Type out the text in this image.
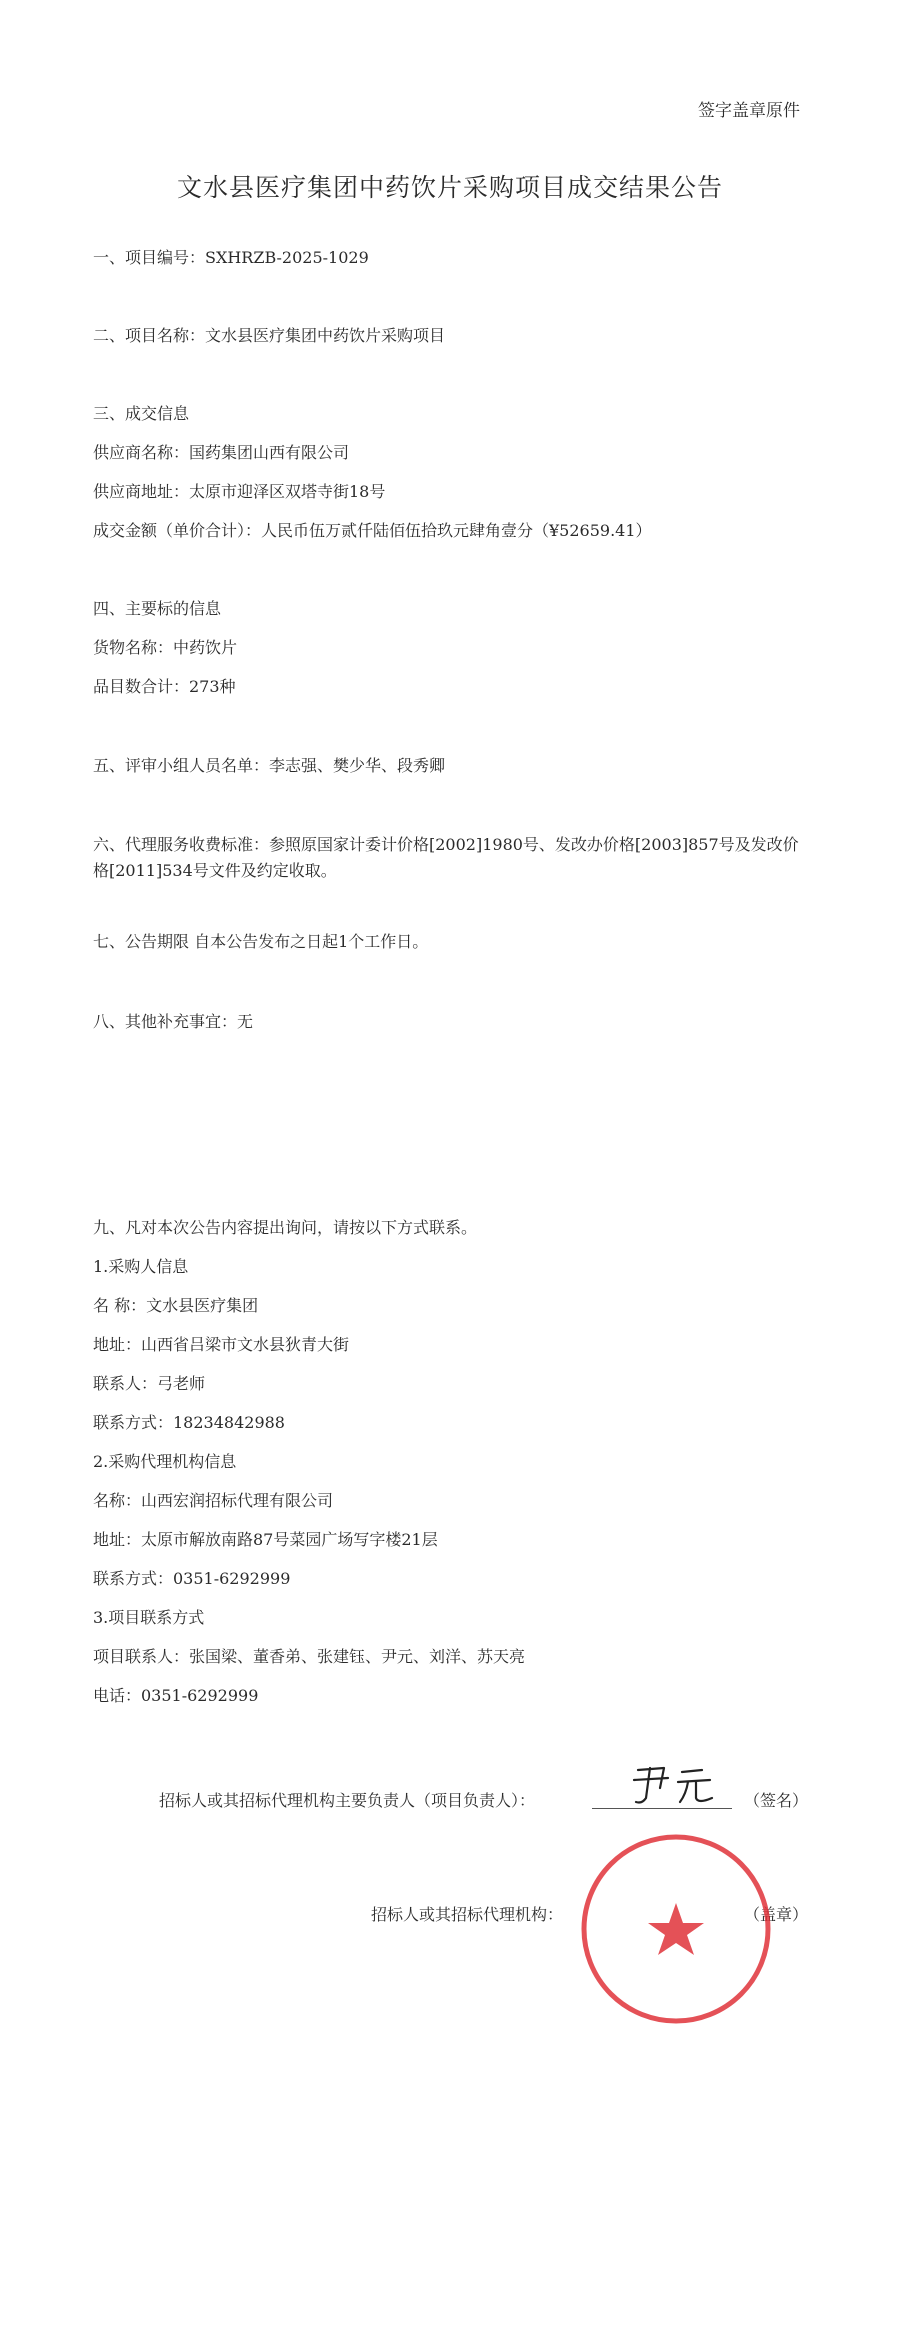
签字盖章原件
文水县医疗集团中药饮片采购项目成交结果公告
一、项目编号：SXHRZB-2025-1029
二、项目名称：文水县医疗集团中药饮片采购项目
三、成交信息
供应商名称：国药集团山西有限公司
供应商地址：太原市迎泽区双塔寺街18号
成交金额（单价合计）：人民币伍万贰仟陆佰伍拾玖元肆角壹分（¥52659.41）
四、主要标的信息
货物名称：中药饮片
品目数合计：273种
五、评审小组人员名单：李志强、樊少华、段秀卿
六、代理服务收费标准：参照原国家计委计价格[2002]1980号、发改办价格[2003]857号及发改价格[2011]534号文件及约定收取。
七、公告期限 自本公告发布之日起1个工作日。
八、其他补充事宜：无
九、凡对本次公告内容提出询问，请按以下方式联系。
1.采购人信息
名 称：文水县医疗集团
地址：山西省吕梁市文水县狄青大街
联系人：弓老师
联系方式：18234842988
2.采购代理机构信息
名称：山西宏润招标代理有限公司
地址：太原市解放南路87号菜园广场写字楼21层
联系方式：0351-6292999
3.项目联系方式
项目联系人：张国梁、董香弟、张建钰、尹元、刘洋、苏天亮
电话：0351-6292999
招标人或其招标代理机构主要负责人（项目负责人）：	（签名）
招标人或其招标代理机构：	（盖章）
